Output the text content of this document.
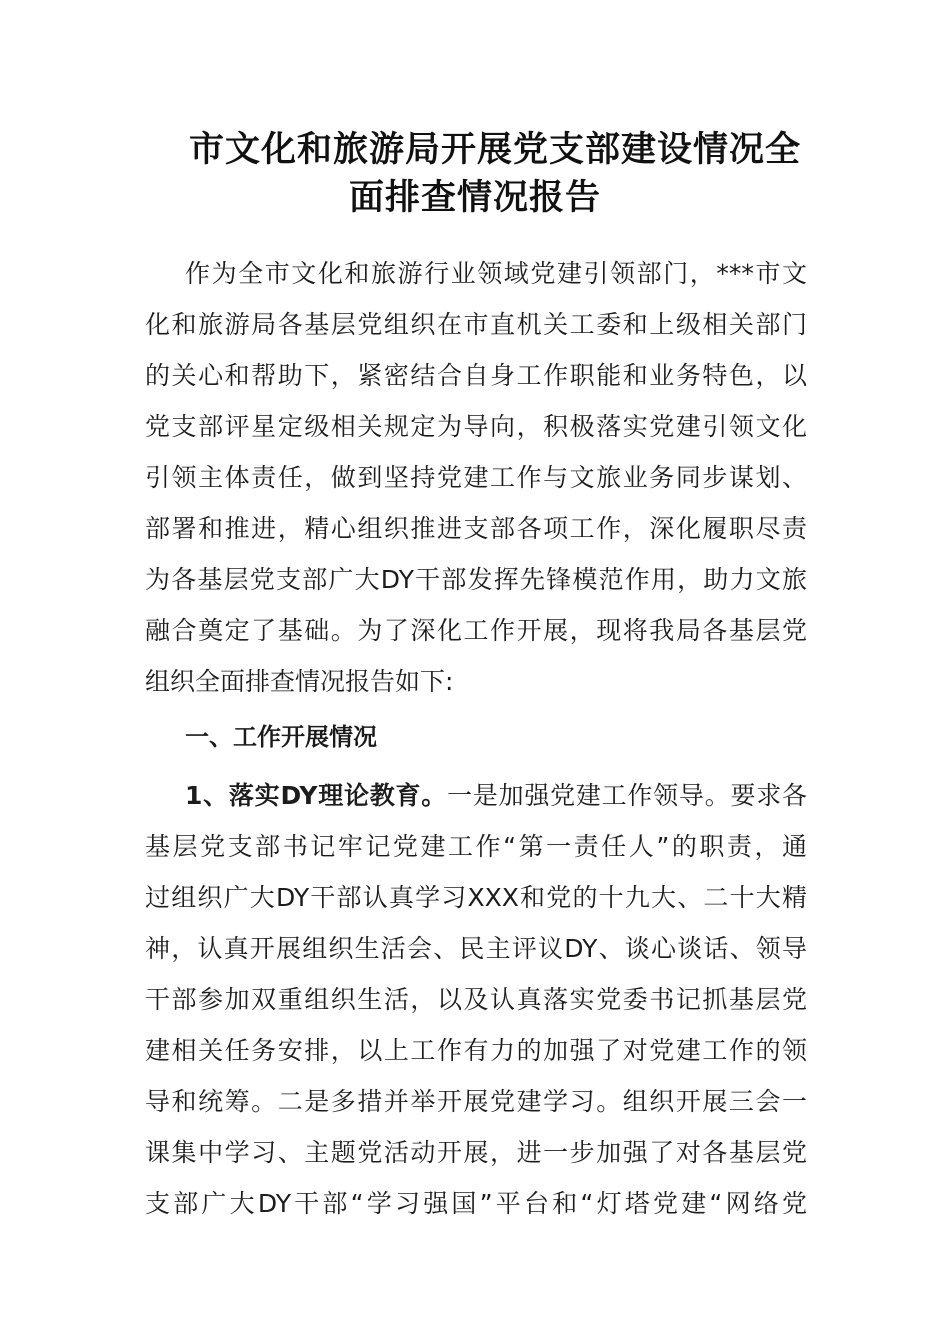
市文化和旅游局开展党支部建设情况全
面排查情况报告
作为全市文化和旅游行业领域党建引领部门，***市文
化和旅游局各基层党组织在市直机关工委和上级相关部门
的关心和帮助下，紧密结合自身工作职能和业务特色，以
党支部评星定级相关规定为导向，积极落实党建引领文化
引领主体责任，做到坚持党建工作与文旅业务同步谋划、
部署和推进，精心组织推进支部各项工作，深化履职尽责
为各基层党支部广大DY干部发挥先锋模范作用，助力文旅
融合奠定了基础。为了深化工作开展，现将我局各基层党
组织全面排查情况报告如下:
一、工作开展情况
1、落实DY理论教育。一是加强党建工作领导。要求各
基层党支部书记牢记党建工作“第一责任人”的职责，通
过组织广大DY干部认真学习XXX和党的十九大、二十大精
神，认真开展组织生活会、民主评议DY、谈心谈话、领导
干部参加双重组织生活，以及认真落实党委书记抓基层党
建相关任务安排，以上工作有力的加强了对党建工作的领
导和统筹。二是多措并举开展党建学习。组织开展三会一
课集中学习、主题党活动开展，进一步加强了对各基层党
支部广大DY干部“学习强国”平台和“灯塔党建“网络党
